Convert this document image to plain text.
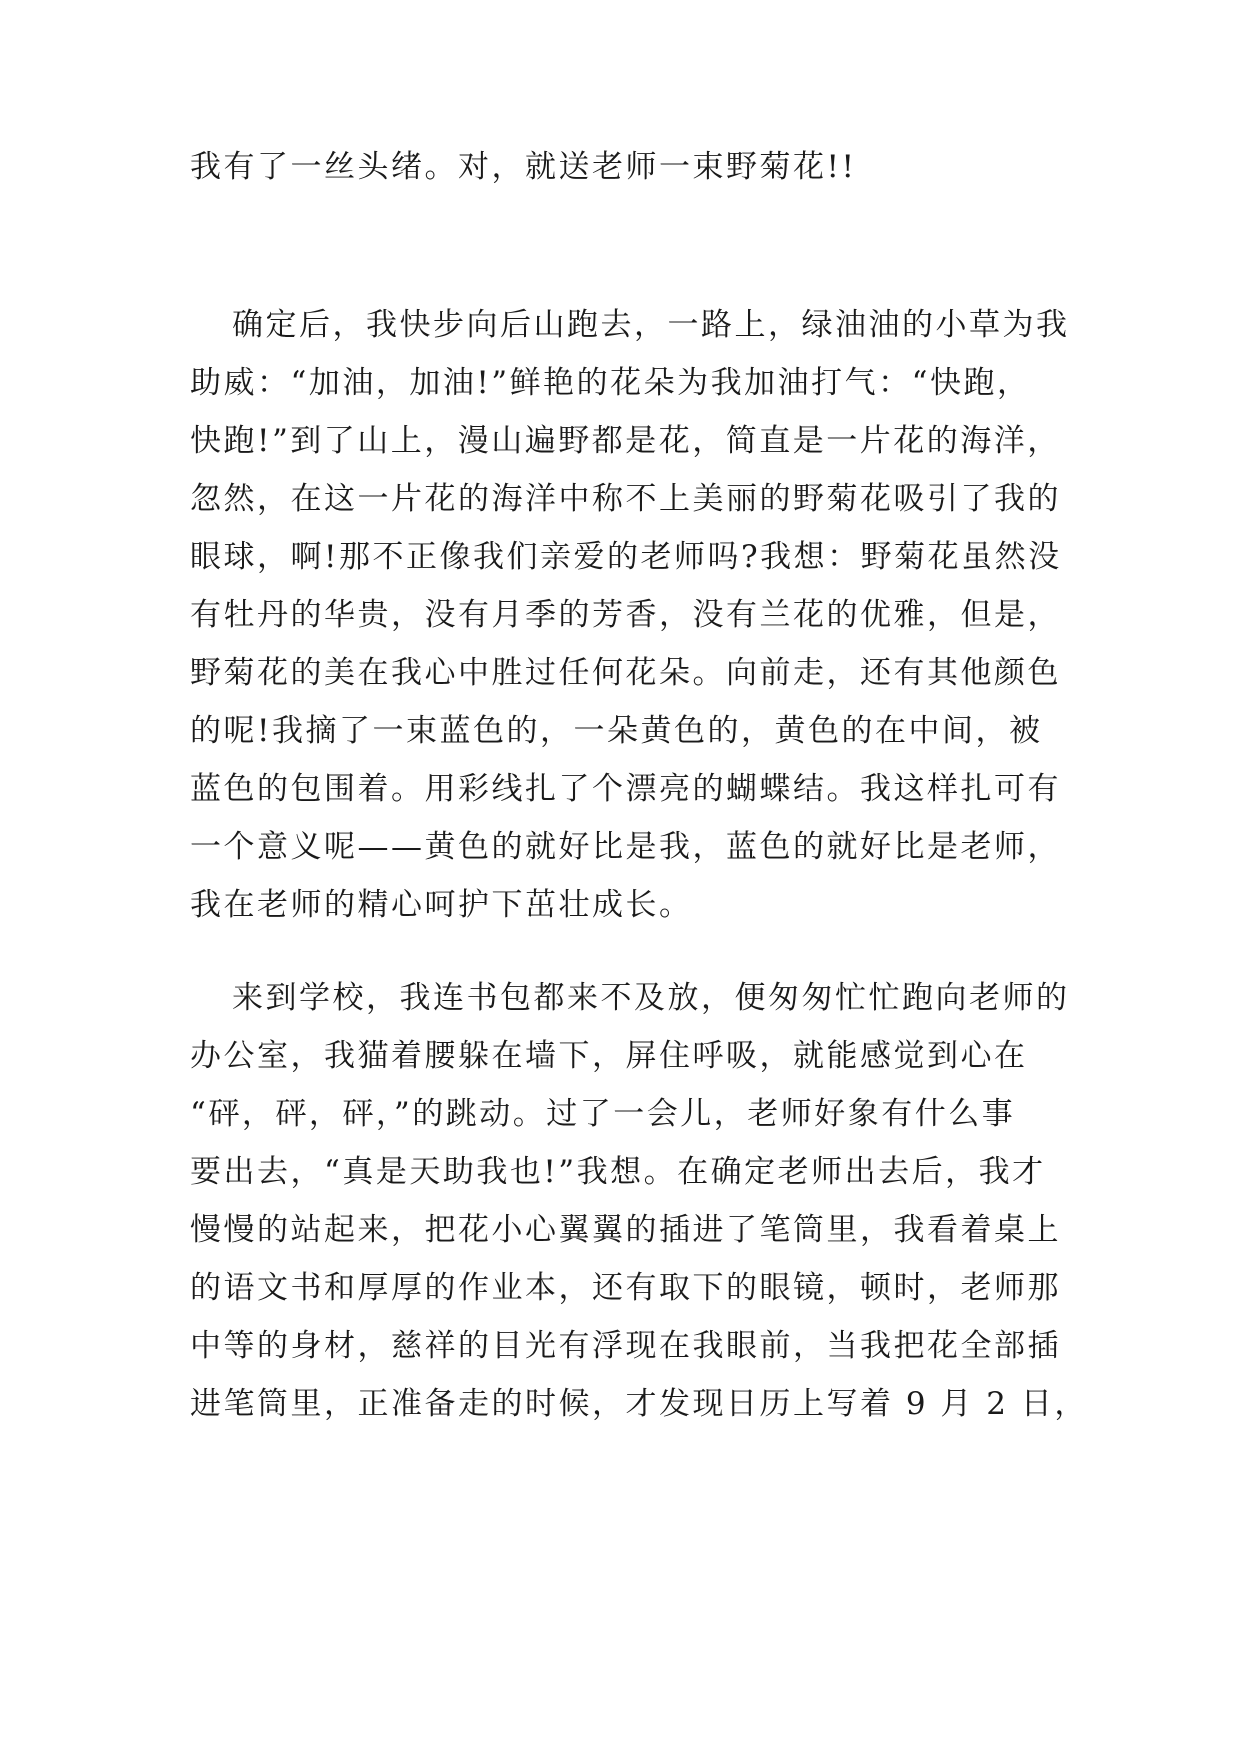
我有了一丝头绪。对，就送老师一束野菊花!!
确定后，我快步向后山跑去，一路上，绿油油的小草为我
助威：“加油，加油!”鲜艳的花朵为我加油打气：“快跑，
快跑!”到了山上，漫山遍野都是花，简直是一片花的海洋，
忽然，在这一片花的海洋中称不上美丽的野菊花吸引了我的
眼球，啊!那不正像我们亲爱的老师吗?我想：野菊花虽然没
有牡丹的华贵，没有月季的芳香，没有兰花的优雅，但是，
野菊花的美在我心中胜过任何花朵。向前走，还有其他颜色
的呢!我摘了一束蓝色的，一朵黄色的，黄色的在中间，被
蓝色的包围着。用彩线扎了个漂亮的蝴蝶结。我这样扎可有
一个意义呢——黄色的就好比是我，蓝色的就好比是老师，
我在老师的精心呵护下茁壮成长。
来到学校，我连书包都来不及放，便匆匆忙忙跑向老师的
办公室，我猫着腰躲在墙下，屏住呼吸，就能感觉到心在
“砰，砰，砰，”的跳动。过了一会儿，老师好象有什么事
要出去，“真是天助我也!”我想。在确定老师出去后，我才
慢慢的站起来，把花小心翼翼的插进了笔筒里，我看着桌上
的语文书和厚厚的作业本，还有取下的眼镜，顿时，老师那
中等的身材，慈祥的目光有浮现在我眼前，当我把花全部插
进笔筒里，正准备走的时候，才发现日历上写着 9 月 2 日，
